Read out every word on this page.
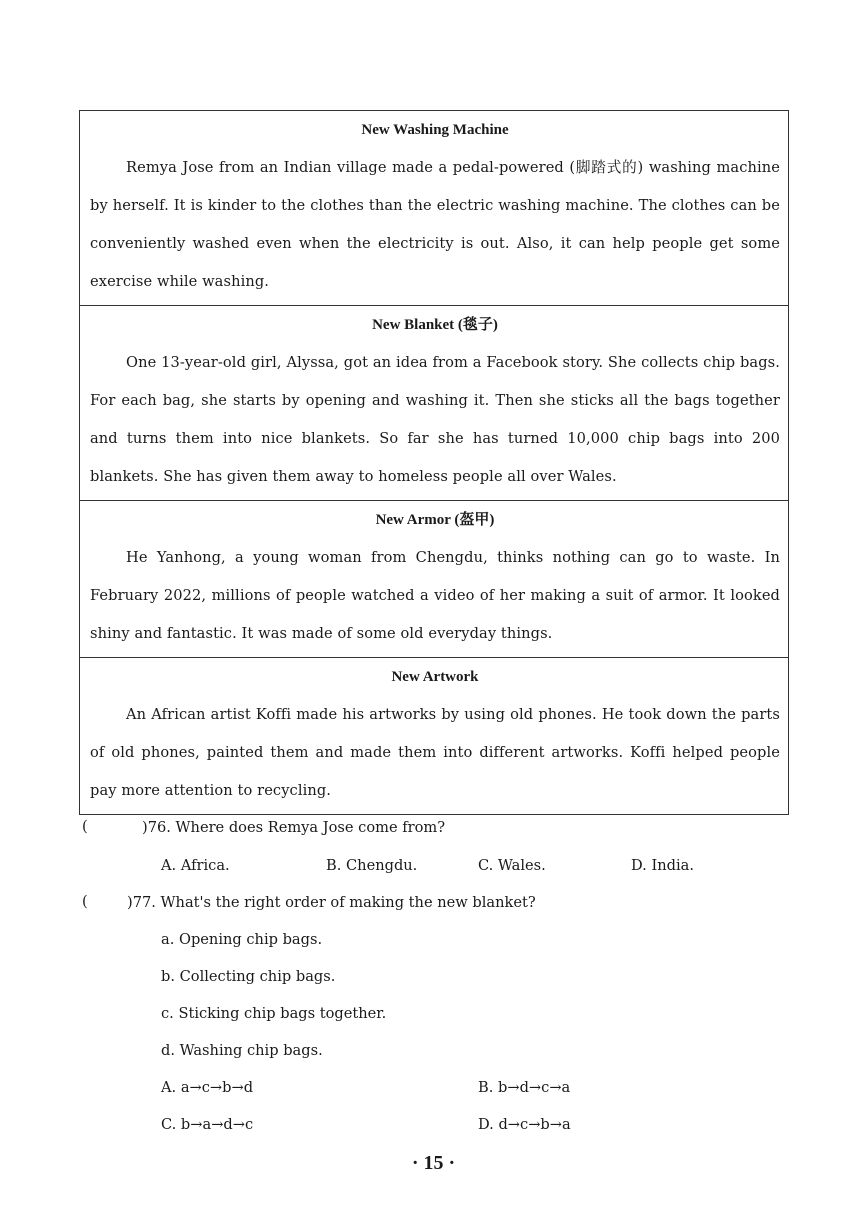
New Washing Machine

Remya Jose from an Indian village made a pedal-powered (脚踏式的) washing machine by herself. It is kinder to the clothes than the electric washing machine. The clothes can be conveniently washed even when the electricity is out. Also, it can help people get some exercise while washing.

New Blanket (毯子)

One 13-year-old girl, Alyssa, got an idea from a Facebook story. She collects chip bags. For each bag, she starts by opening and washing it. Then she sticks all the bags together and turns them into nice blankets. So far she has turned 10,000 chip bags into 200 blankets. She has given them away to homeless people all over Wales.

New Armor (盔甲)

He Yanhong, a young woman from Chengdu, thinks nothing can go to waste. In February 2022, millions of people watched a video of her making a suit of armor. It looked shiny and fantastic. It was made of some old everyday things.

New Artwork

An African artist Koffi made his artworks by using old phones. He took down the parts of old phones, painted them and made them into different artworks. Koffi helped people pay more attention to recycling.

(	)76. Where does Remya Jose come from?
A. Africa.	B. Chengdu.	C. Wales.	D. India.
(	)77. What's the right order of making the new blanket?
a. Opening chip bags.
b. Collecting chip bags.
c. Sticking chip bags together.
d. Washing chip bags.
A. a→c→b→d	B. b→d→c→a
C. b→a→d→c	D. d→c→b→a
· 15 ·
